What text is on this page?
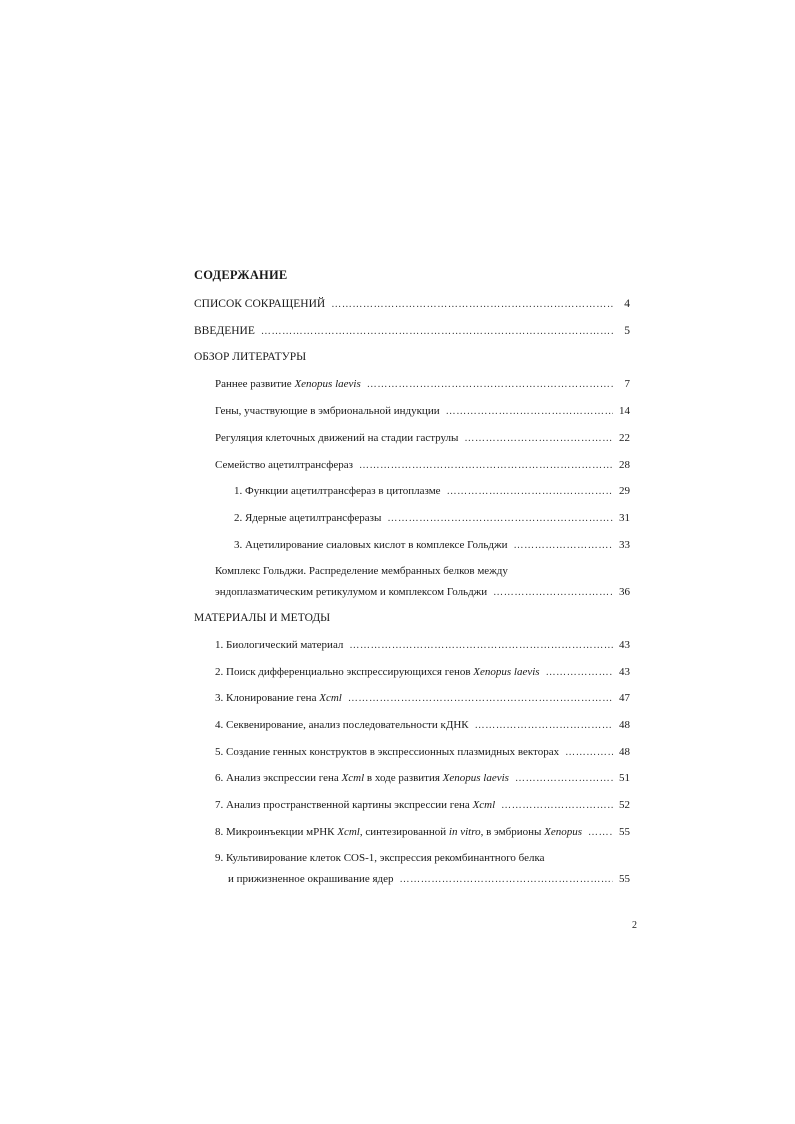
СОДЕРЖАНИЕ
СПИСОК СОКРАЩЕНИЙ ……………………………………………………………………………………………………………………………………………………………………………………	4
ВВЕДЕНИЕ ……………………………………………………………………………………………………………………………………………………………………………………	5
ОБЗОР ЛИТЕРАТУРЫ
Раннее развитие Xenopus laevis ……………………………………………………………………………………………………………………………………………………………………………………	7
Гены, участвующие в эмбриональной индукции ……………………………………………………………………………………………………………………………………………………………………………………	14
Регуляция клеточных движений на стадии гаструлы ……………………………………………………………………………………………………………………………………………………………………………………	22
Семейство ацетилтрансфераз ……………………………………………………………………………………………………………………………………………………………………………………	28
1. Функции ацетилтрансфераз в цитоплазме ……………………………………………………………………………………………………………………………………………………………………………………	29
2. Ядерные ацетилтрансферазы ……………………………………………………………………………………………………………………………………………………………………………………	31
3. Ацетилирование сиаловых кислот в комплексе Гольджи ……………………………………………………………………………………………………………………………………………………………………………………	33
Комплекс Гольджи. Распределение мембранных белков между
эндоплазматическим ретикулумом и комплексом Гольджи ……………………………………………………………………………………………………………………………………………………………………………………	36
МАТЕРИАЛЫ И МЕТОДЫ
1. Биологический материал ……………………………………………………………………………………………………………………………………………………………………………………	43
2. Поиск дифференциально экспрессирующихся генов Xenopus laevis ……………………………………………………………………………………………………………………………………………………………………………………	43
3. Клонирование гена Xcml ……………………………………………………………………………………………………………………………………………………………………………………	47
4. Секвенирование, анализ последовательности кДНК ……………………………………………………………………………………………………………………………………………………………………………………	48
5. Создание генных конструктов в экспрессионных плазмидных векторах ……………………………………………………………………………………………………………………………………………………………………………………	48
6. Анализ экспрессии гена Xcml в ходе развития Xenopus laevis ……………………………………………………………………………………………………………………………………………………………………………………	51
7. Анализ пространственной картины экспрессии гена Xcml ……………………………………………………………………………………………………………………………………………………………………………………	52
8. Микроинъекции мРНК Xcml, синтезированной in vitro, в эмбрионы Xenopus ……………………………………………………………………………………………………………………………………………………………………………………	55
9. Культивирование клеток COS-1, экспрессия рекомбинантного белка
и прижизненное окрашивание ядер ……………………………………………………………………………………………………………………………………………………………………………………	55
2
